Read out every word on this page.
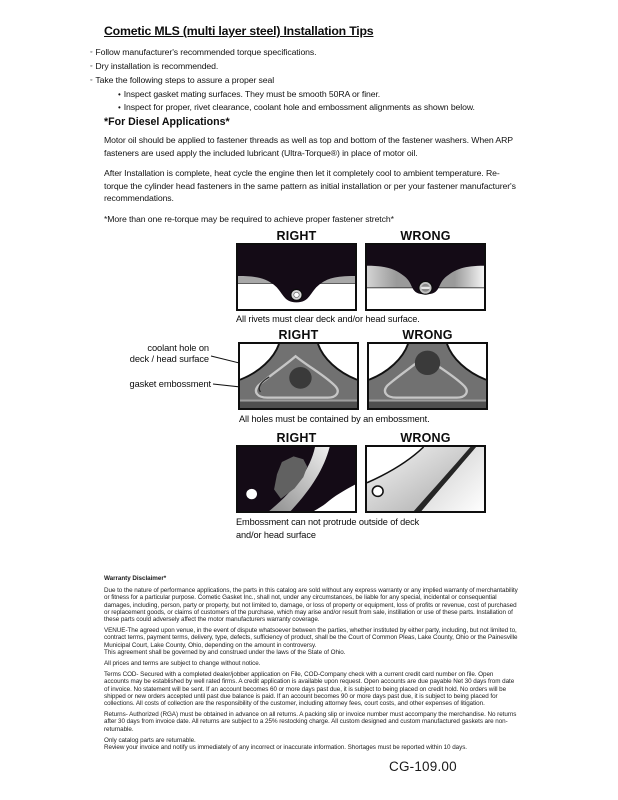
Cometic MLS (multi layer steel) Installation Tips
◦ Follow manufacturer's recommended torque specifications.
◦ Dry installation is recommended.
◦ Take the following steps to assure a proper seal
• Inspect gasket mating surfaces. They must be smooth 50RA or finer.
• Inspect for proper, rivet clearance, coolant hole and embossment alignments as shown below.
*For Diesel Applications*

Motor oil should be applied to fastener threads as well as top and bottom of the fastener washers. When ARP fasteners are used apply the included lubricant (Ultra-Torque®) in place of motor oil.

After Installation is complete, heat cycle the engine then let it completely cool to ambient temperature. Re-torque the cylinder head fasteners in the same pattern as initial installation or per your fastener manufacturer's recommendations.

*More than one re-torque may be required to achieve proper fastener stretch*

RIGHT	WRONG
All rivets must clear deck and/or head surface.
RIGHT	WRONG
coolant hole on
deck / head surface
gasket embossment
All holes must be contained by an embossment.
RIGHT	WRONG
Embossment can not protrude outside of deck
and/or head surface
Warranty Disclaimer*

Due to the nature of performance applications, the parts in this catalog are sold without any express warranty or any implied warranty of merchantability or fitness for a particular purpose. Cometic Gasket Inc., shall not, under any circumstances, be liable for any special, incidental or consequential damages, including, person, party or property, but not limited to, damage, or loss of property or equipment, loss of profits or revenue, cost of purchased or replacement goods, or claims of customers of the purchase, which may arise and/or result from sale, instillation or use of these parts. Installation of these parts could adversely affect the motor manufacturers warranty coverage.

VENUE-The agreed upon venue, in the event of dispute whatsoever between the parties, whether instituted by either party, including, but not limited to, contract terms, payment terms, delivery, type, defects, sufficiency of product, shall be the Court of Common Pleas, Lake County, Ohio or the Painesville Municipal Court, Lake County, Ohio, depending on the amount in controversy.

This agreement shall be governed by and construed under the laws of the State of Ohio.

All prices and terms are subject to change without notice.

Terms COD- Secured with a completed dealer/jobber application on File, COD-Company check with a current credit card number on file. Open accounts may be established by well rated firms. A credit application is available upon request. Open accounts are due payable Net 30 days from date of invoice. No statement will be sent. If an account becomes 60 or more days past due, it is subject to being placed on credit hold. No orders will be shipped or new orders accepted until past due balance is paid. If an account becomes 90 or more days past due, it is subject to being placed for collections. All costs of collection are the responsibility of the customer, including attorney fees, court costs, and other expenses of litigation.

Returns- Authorized (RGA) must be obtained in advance on all returns. A packing slip or invoice number must accompany the merchandise. No returns after 30 days from invoice date. All returns are subject to a 25% restocking charge. All custom designed and custom manufactured gaskets are non-returnable.

Only catalog parts are returnable.

Review your invoice and notify us immediately of any incorrect or inaccurate information. Shortages must be reported within 10 days.

CG-109.00
